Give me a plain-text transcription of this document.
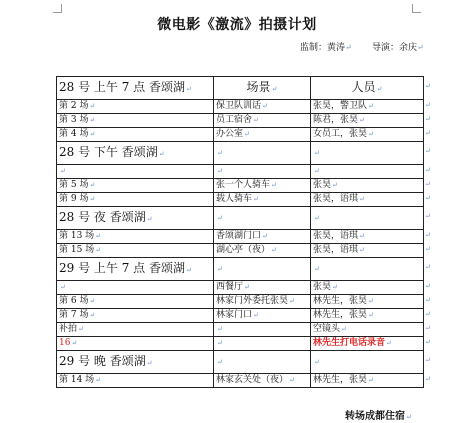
微电影《激流》拍摄计划
监制：黄涛↵ 导演：余庆↵
28 号 上午 7 点 香颂湖↵	场景↵	人员↵
第 2 场↵	保卫队训话↵	张昊，警卫队↵
第 3 场↵	员工宿舍↵	陈君，张昊↵
第 4 场↵	办公室↵	女员工，张昊↵
28 号 下午 香颂湖↵	↵	↵
↵	↵	↵
第 5 场↵	张一个人骑车↵	张昊↵
第 9 场↵	载人骑车↵	张昊，语琪↵
28 号 夜 香颂湖↵	↵	↵
第 13 场↵	香颂湖门口↵	张昊，语琪↵
第 15 场↵	湖心亭（夜）↵	张昊，语琪↵
29 号 上午 7 点 香颂湖↵	↵	↵
↵	西餐厅↵	张昊↵
第 6 场↵	林家门外委托张昊↵	林先生，张昊↵
第 7 场↵	林家门口↵	林先生，张昊↵
补拍↵	↵	空镜头↵
16↵	↵	林先生打电话录音↵
29 号 晚 香颂湖↵	↵	↵
第 14 场↵	林家玄关处（夜）↵	林先生，张昊↵
转场成都住宿↵
↵
↵
↵
↵
↵
↵
↵
↵
↵
↵
↵
↵
↵
↵
↵
↵
↵
↵
↵
